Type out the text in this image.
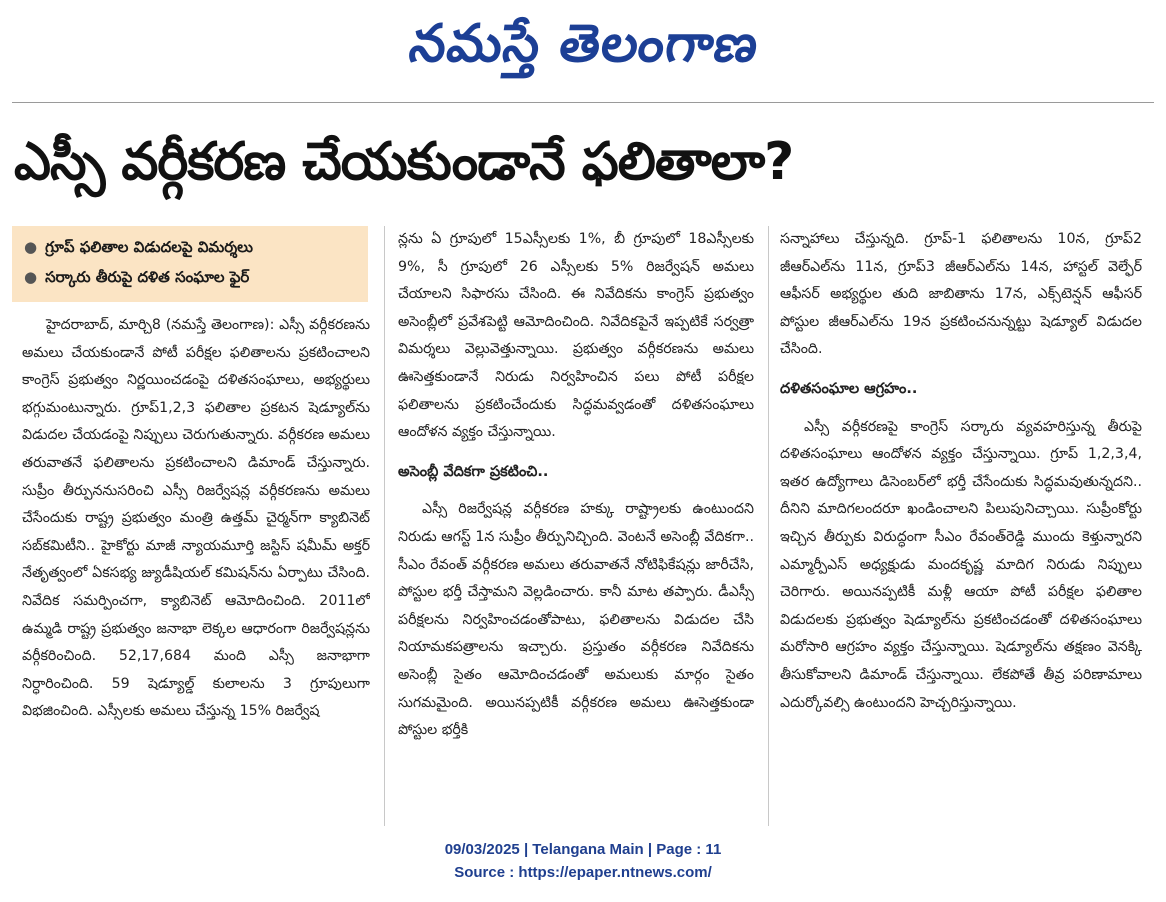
నమస్తే తెలంగాణ
ఎస్సీ వర్గీకరణ చేయకుండానే ఫలితాలా?
● గ్రూప్ ఫలితాల విడుదలపై విమర్శలు
● సర్కారు తీరుపై దళిత సంఘాల ఫైర్

హైదరాబాద్, మార్చి8 (నమస్తే తెలంగాణ): ఎస్సీ వర్గీకరణను అమలు చేయకుండానే పోటీ పరీక్షల ఫలితాలను ప్రకటించాలని కాంగ్రెస్ ప్రభుత్వం నిర్ణయించడంపై దళితసంఘాలు, అభ్యర్థులు భగ్గుమంటున్నారు. గ్రూప్1,2,3 ఫలితాల ప్రకటన షెడ్యూల్‌ను విడుదల చేయడంపై నిప్పులు చెరుగుతున్నారు. వర్గీకరణ అమలు తరువాతనే ఫలితాలను ప్రకటించాలని డిమాండ్ చేస్తున్నారు. సుప్రీం తీర్పుననుసరించి ఎస్సీ రిజర్వేషన్ల వర్గీకరణను అమలు చేసేందుకు రాష్ట్ర ప్రభుత్వం మంత్రి ఉత్తమ్ చైర్మన్‌గా క్యాబినెట్ సబ్‌కమిటీని.. హైకోర్టు మాజీ న్యాయమూర్తి జస్టిస్ షమీమ్ అక్తర్ నేతృత్వంలో ఏకసభ్య జ్యుడీషియల్ కమిషన్‌ను ఏర్పాటు చేసింది. నివేదిక సమర్పించగా, క్యాబినెట్ ఆమోదించింది. 2011లో ఉమ్మడి రాష్ట్ర ప్రభుత్వం జనాభా లెక్కల ఆధారంగా రిజర్వేషన్లను వర్గీకరించింది. 52,17,684 మంది ఎస్సీ జనాభాగా నిర్ధారించింది. 59 షెడ్యూల్డ్ కులాలను 3 గ్రూపులుగా విభజించింది. ఎస్సీలకు అమలు చేస్తున్న 15% రిజర్వేష

న్లను ఏ గ్రూపులో 15ఎస్సీలకు 1%, బీ గ్రూపులో 18ఎస్సీలకు 9%, సీ గ్రూపులో 26 ఎస్సీలకు 5% రిజర్వేషన్ అమలు చేయాలని సిఫారసు చేసింది. ఈ నివేదికను కాంగ్రెస్ ప్రభుత్వం అసెంబ్లీలో ప్రవేశపెట్టి ఆమోదించింది. నివేదికపైనే ఇప్పటికే సర్వత్రా విమర్శలు వెల్లువెత్తున్నాయి. ప్రభుత్వం వర్గీకరణను అమలు ఊసెత్తకుండానే నిరుడు నిర్వహించిన పలు పోటీ పరీక్షల ఫలితాలను ప్రకటించేందుకు సిద్ధమవ్వడంతో దళితసంఘాలు ఆందోళన వ్యక్తం చేస్తున్నాయి.

అసెంబ్లీ వేదికగా ప్రకటించి..

ఎస్సీ రిజర్వేషన్ల వర్గీకరణ హక్కు రాష్ట్రాలకు ఉంటుందని నిరుడు ఆగస్ట్ 1న సుప్రీం తీర్పునిచ్చింది. వెంటనే అసెంబ్లీ వేదికగా.. సీఎం రేవంత్ వర్గీకరణ అమలు తరువాతనే నోటిఫికేషన్లు జారీచేసి, పోస్టుల భర్తీ చేస్తామని వెల్లడించారు. కానీ మాట తప్పారు. డీఎస్సీ పరీక్షలను నిర్వహించడంతోపాటు, ఫలితాలను విడుదల చేసి నియామకపత్రాలను ఇచ్చారు. ప్రస్తుతం వర్గీకరణ నివేదికను అసెంబ్లీ సైతం ఆమోదించడంతో అమలుకు మార్గం సైతం సుగమమైంది. అయినప్పటికీ వర్గీకరణ అమలు ఊసెత్తకుండా పోస్టుల భర్తీకి

సన్నాహాలు చేస్తున్నది. గ్రూప్-1 ఫలితాలను 10న, గ్రూప్2 జీఆర్‌ఎల్‌ను 11న, గ్రూప్3 జీఆర్‌ఎల్‌ను 14న, హాస్టల్ వెల్ఫేర్ ఆఫీసర్ అభ్యర్థుల తుది జాబితాను 17న, ఎక్స్‌టెన్షన్ ఆఫీసర్ పోస్టుల జీఆర్‌ఎల్‌ను 19న ప్రకటించనున్నట్టు షెడ్యూల్ విడుదల చేసింది.

దళితసంఘాల ఆగ్రహం..

ఎస్సీ వర్గీకరణపై కాంగ్రెస్ సర్కారు వ్యవహరిస్తున్న తీరుపై దళితసంఘాలు ఆందోళన వ్యక్తం చేస్తున్నాయి. గ్రూప్ 1,2,3,4, ఇతర ఉద్యోగాలు డిసెంబర్‌లో భర్తీ చేసేందుకు సిద్ధమవుతున్నదని.. దీనిని మాదిగలందరూ ఖండించాలని పిలుపునిచ్చాయి. సుప్రీంకోర్టు ఇచ్చిన తీర్పుకు విరుద్ధంగా సీఎం రేవంత్‌రెడ్డి ముందు కెళ్తున్నారని ఎమ్మార్పీఎస్ అధ్యక్షుడు మందకృష్ణ మాదిగ నిరుడు నిప్పులు చెరిగారు. అయినప్పటికీ మళ్లీ ఆయా పోటీ పరీక్షల ఫలితాల విడుదలకు ప్రభుత్వం షెడ్యూల్‌ను ప్రకటించడంతో దళితసంఘాలు మరోసారి ఆగ్రహం వ్యక్తం చేస్తున్నాయి. షెడ్యూల్‌ను తక్షణం వెనక్కి తీసుకోవాలని డిమాండ్ చేస్తున్నాయి. లేకపోతే తీవ్ర పరిణామాలు ఎదుర్కోవల్సి ఉంటుందని హెచ్చరిస్తున్నాయి.

09/03/2025 | Telangana Main | Page : 11
Source : https://epaper.ntnews.com/
